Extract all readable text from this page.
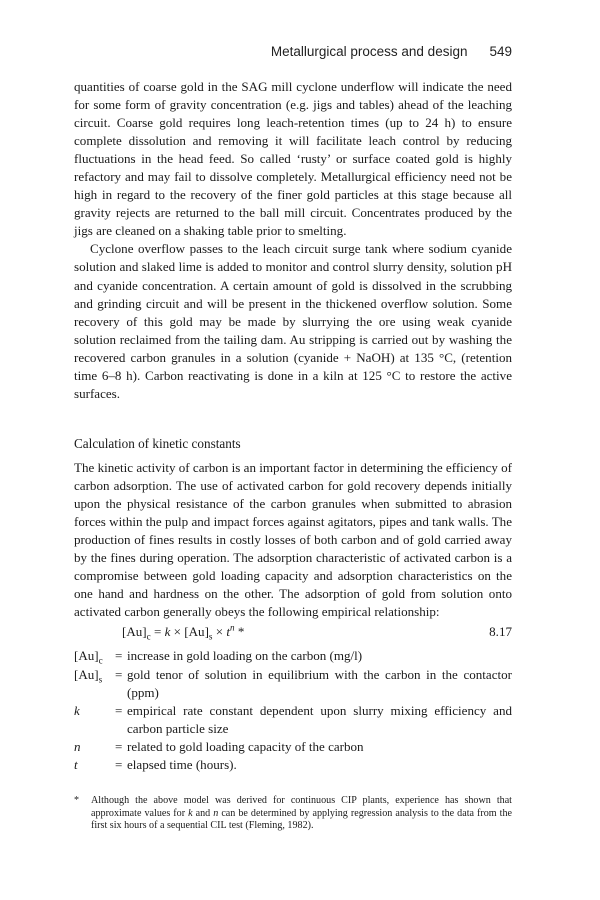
Metallurgical process and design 549

quantities of coarse gold in the SAG mill cyclone underflow will indicate the need for some form of gravity concentration (e.g. jigs and tables) ahead of the leaching circuit. Coarse gold requires long leach-retention times (up to 24 h) to ensure complete dissolution and removing it will facilitate leach control by reducing fluctuations in the head feed. So called ‘rusty’ or surface coated gold is highly refactory and may fail to dissolve completely. Metallurgical efficiency need not be high in regard to the recovery of the finer gold particles at this stage because all gravity rejects are returned to the ball mill circuit. Concentrates produced by the jigs are cleaned on a shaking table prior to smelting.

Cyclone overflow passes to the leach circuit surge tank where sodium cyanide solution and slaked lime is added to monitor and control slurry density, solution pH and cyanide concentration. A certain amount of gold is dissolved in the scrubbing and grinding circuit and will be present in the thickened overflow solution. Some recovery of this gold may be made by slurrying the ore using weak cyanide solution reclaimed from the tailing dam. Au stripping is carried out by washing the recovered carbon granules in a solution (cyanide + NaOH) at 135 °C, (retention time 6–8 h). Carbon reactivating is done in a kiln at 125 °C to restore the active surfaces.

Calculation of kinetic constants

The kinetic activity of carbon is an important factor in determining the efficiency of carbon adsorption. The use of activated carbon for gold recovery depends initially upon the physical resistance of the carbon granules when submitted to abrasion forces within the pulp and impact forces against agitators, pipes and tank walls. The production of fines results in costly losses of both carbon and of gold carried away by the fines during operation. The adsorption characteristic of activated carbon is a compromise between gold loading capacity and adsorption characteristics on the one hand and hardness on the other. The adsorption of gold from solution onto activated carbon generally obeys the following empirical relationship:

$[Au]_c = k \times [Au]_s \times t^n$ *	8.17
$[Au]_c$ = increase in gold loading on the carbon (mg/l)
$[Au]_s$ = gold tenor of solution in equilibrium with the carbon in the contactor (ppm)
k	= empirical rate constant dependent upon slurry mixing efficiency and carbon particle size
n	= related to gold loading capacity of the carbon
t	= elapsed time (hours).
*	Although the above model was derived for continuous CIP plants, experience has shown that approximate values for k and n can be determined by applying regression analysis to the data from the first six hours of a sequential CIL test (Fleming, 1982).
